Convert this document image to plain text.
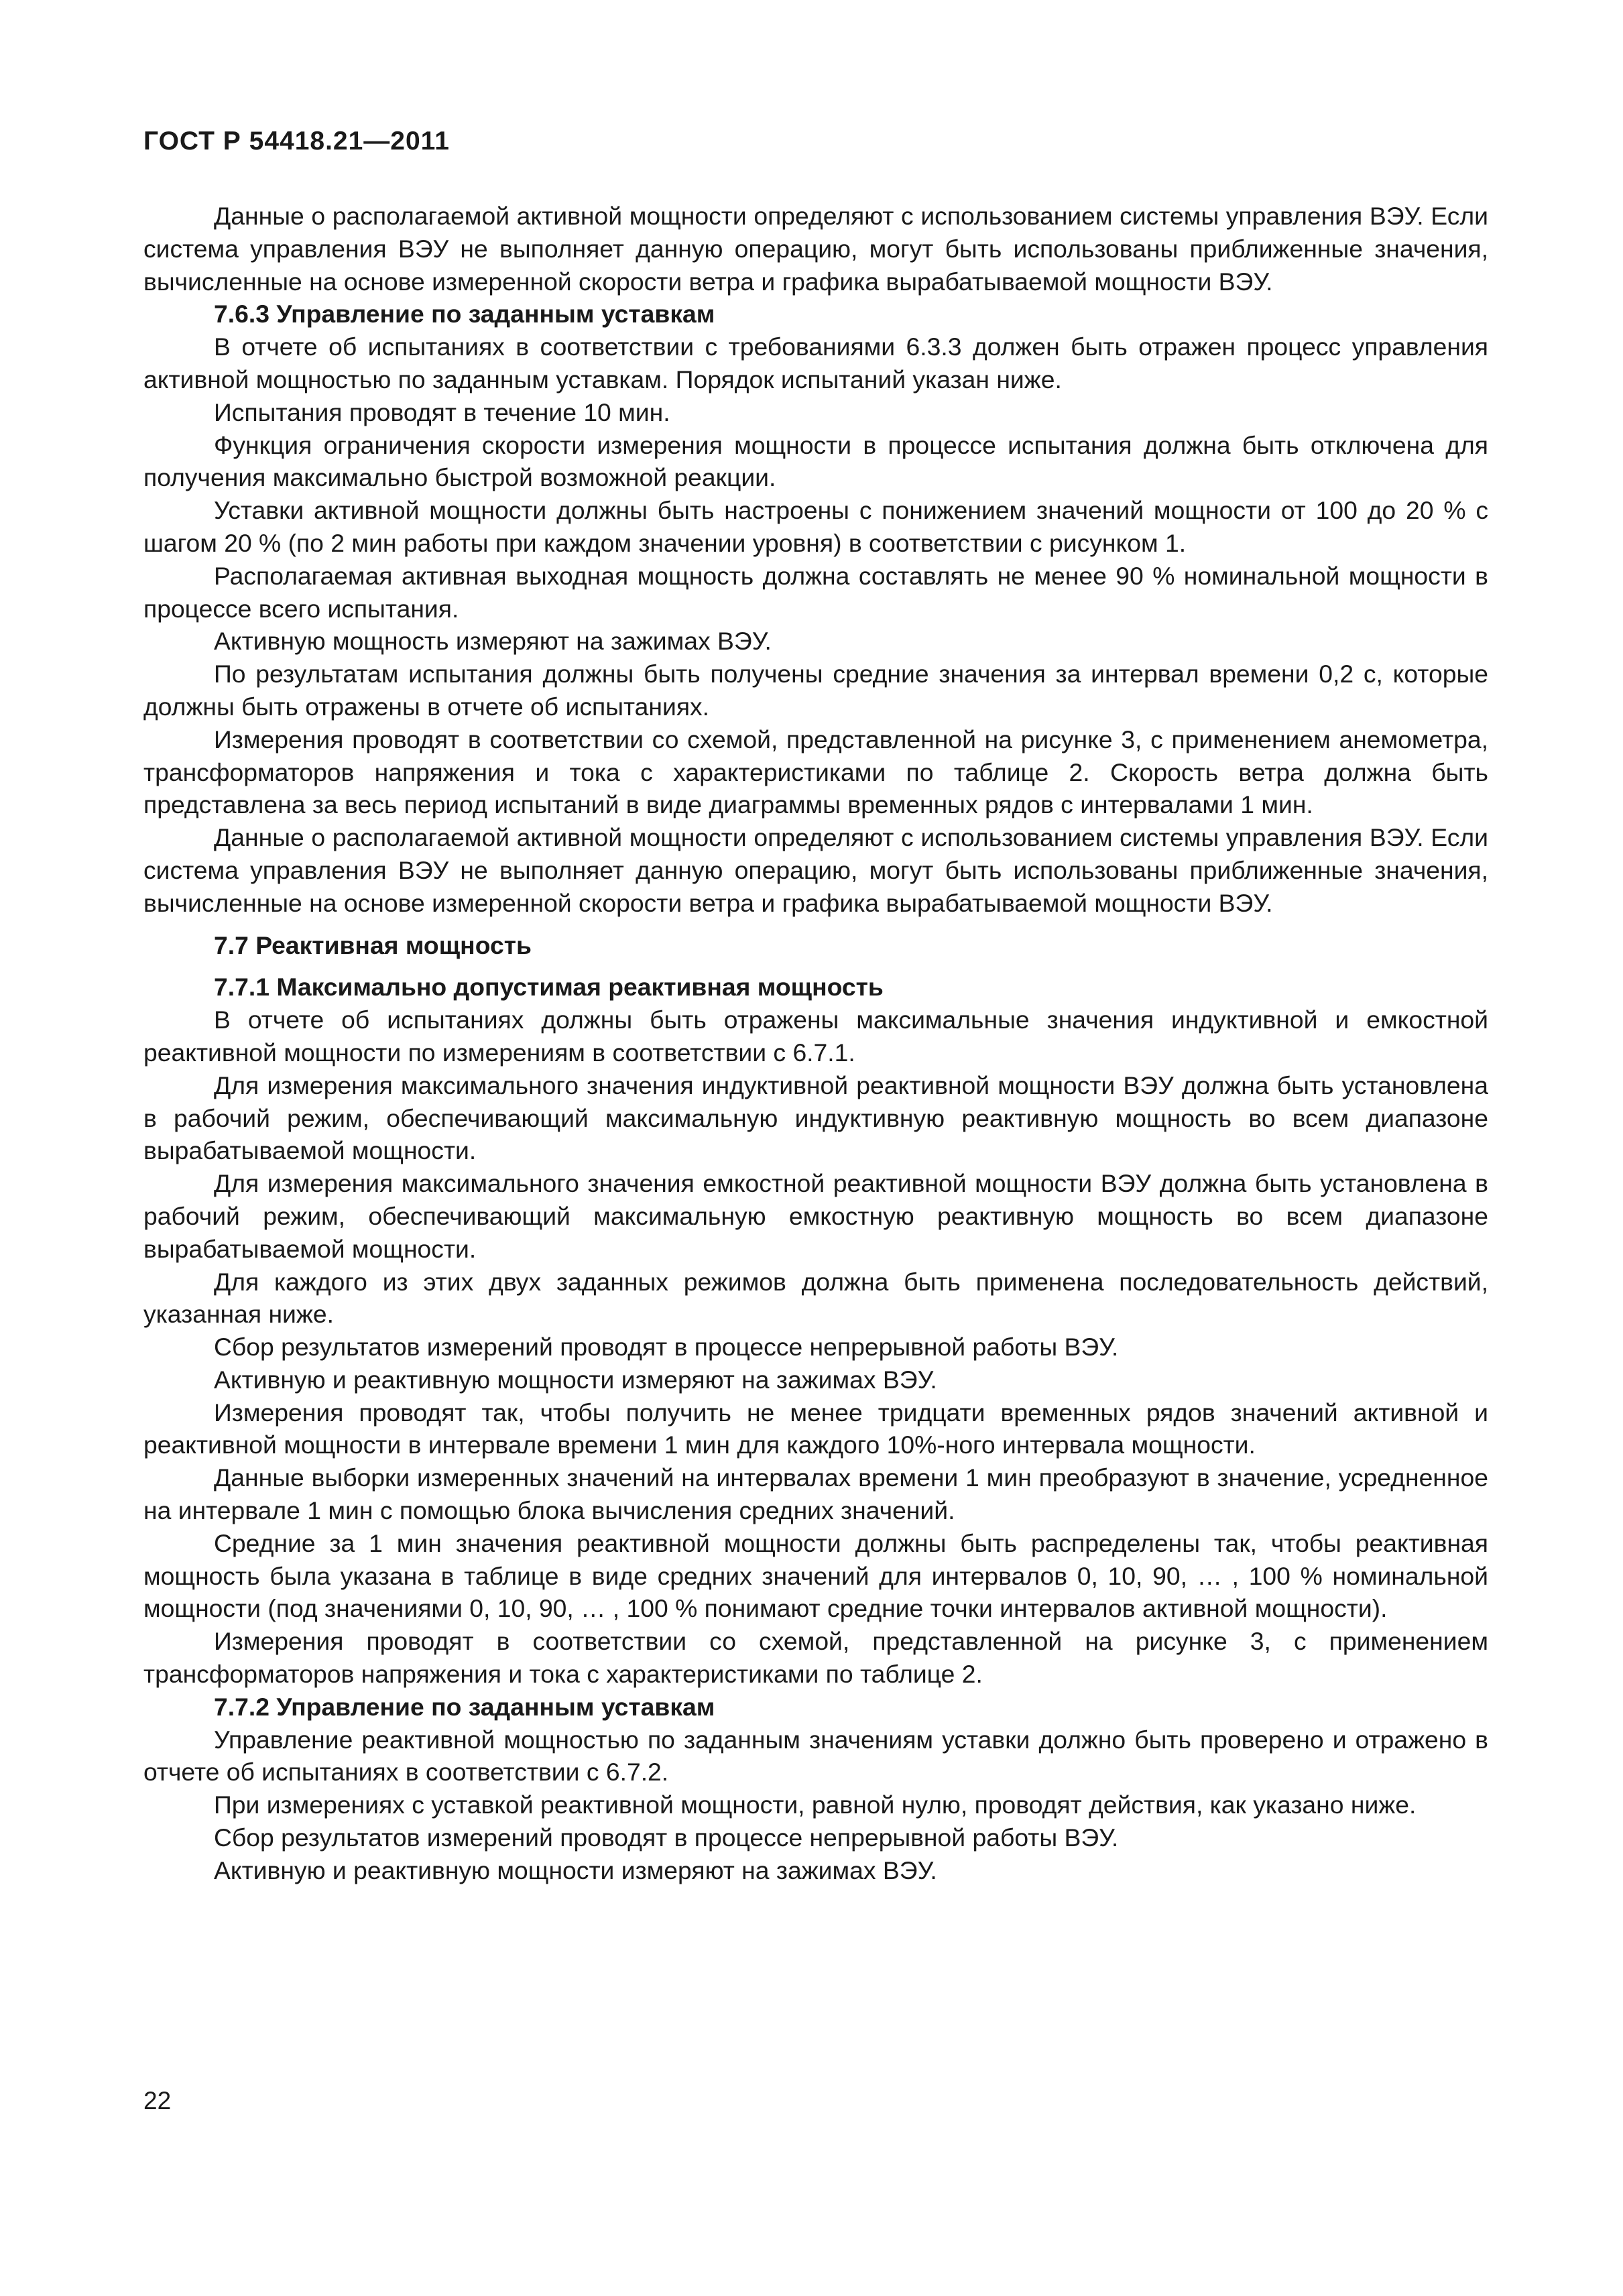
ГОСТ Р 54418.21—2011

Данные о располагаемой активной мощности определяют с использованием системы управления ВЭУ. Если система управления ВЭУ не выполняет данную операцию, могут быть использованы приближенные значения, вычисленные на основе измеренной скорости ветра и графика вырабатываемой мощности ВЭУ.

7.6.3 Управление по заданным уставкам

В отчете об испытаниях в соответствии с требованиями 6.3.3 должен быть отражен процесс управления активной мощностью по заданным уставкам. Порядок испытаний указан ниже.

Испытания проводят в течение 10 мин.

Функция ограничения скорости измерения мощности в процессе испытания должна быть отключена для получения максимально быстрой возможной реакции.

Уставки активной мощности должны быть настроены с понижением значений мощности от 100 до 20 % с шагом 20 % (по 2 мин работы при каждом значении уровня) в соответствии с рисунком 1.

Располагаемая активная выходная мощность должна составлять не менее 90 % номинальной мощности в процессе всего испытания.

Активную мощность измеряют на зажимах ВЭУ.

По результатам испытания должны быть получены средние значения за интервал времени 0,2 с, которые должны быть отражены в отчете об испытаниях.

Измерения проводят в соответствии со схемой, представленной на рисунке 3, с применением анемометра, трансформаторов напряжения и тока с характеристиками по таблице 2. Скорость ветра должна быть представлена за весь период испытаний в виде диаграммы временных рядов с интервалами 1 мин.

Данные о располагаемой активной мощности определяют с использованием системы управления ВЭУ. Если система управления ВЭУ не выполняет данную операцию, могут быть использованы приближенные значения, вычисленные на основе измеренной скорости ветра и графика вырабатываемой мощности ВЭУ.

7.7 Реактивная мощность
7.7.1 Максимально допустимая реактивная мощность

В отчете об испытаниях должны быть отражены максимальные значения индуктивной и емкостной реактивной мощности по измерениям в соответствии с 6.7.1.

Для измерения максимального значения индуктивной реактивной мощности ВЭУ должна быть установлена в рабочий режим, обеспечивающий максимальную индуктивную реактивную мощность во всем диапазоне вырабатываемой мощности.

Для измерения максимального значения емкостной реактивной мощности ВЭУ должна быть установлена в рабочий режим, обеспечивающий максимальную емкостную реактивную мощность во всем диапазоне вырабатываемой мощности.

Для каждого из этих двух заданных режимов должна быть применена последовательность действий, указанная ниже.

Сбор результатов измерений проводят в процессе непрерывной работы ВЭУ.

Активную и реактивную мощности измеряют на зажимах ВЭУ.

Измерения проводят так, чтобы получить не менее тридцати временных рядов значений активной и реактивной мощности в интервале времени 1 мин для каждого 10%-ного интервала мощности.

Данные выборки измеренных значений на интервалах времени 1 мин преобразуют в значение, усредненное на интервале 1 мин с помощью блока вычисления средних значений.

Средние за 1 мин значения реактивной мощности должны быть распределены так, чтобы реактивная мощность была указана в таблице в виде средних значений для интервалов 0, 10, 90, … , 100 % номинальной мощности (под значениями 0, 10, 90, … , 100 % понимают средние точки интервалов активной мощности).

Измерения проводят в соответствии со схемой, представленной на рисунке 3, с применением трансформаторов напряжения и тока с характеристиками по таблице 2.

7.7.2 Управление по заданным уставкам

Управление реактивной мощностью по заданным значениям уставки должно быть проверено и отражено в отчете об испытаниях в соответствии с 6.7.2.

При измерениях с уставкой реактивной мощности, равной нулю, проводят действия, как указано ниже.

Сбор результатов измерений проводят в процессе непрерывной работы ВЭУ.

Активную и реактивную мощности измеряют на зажимах ВЭУ.

22
